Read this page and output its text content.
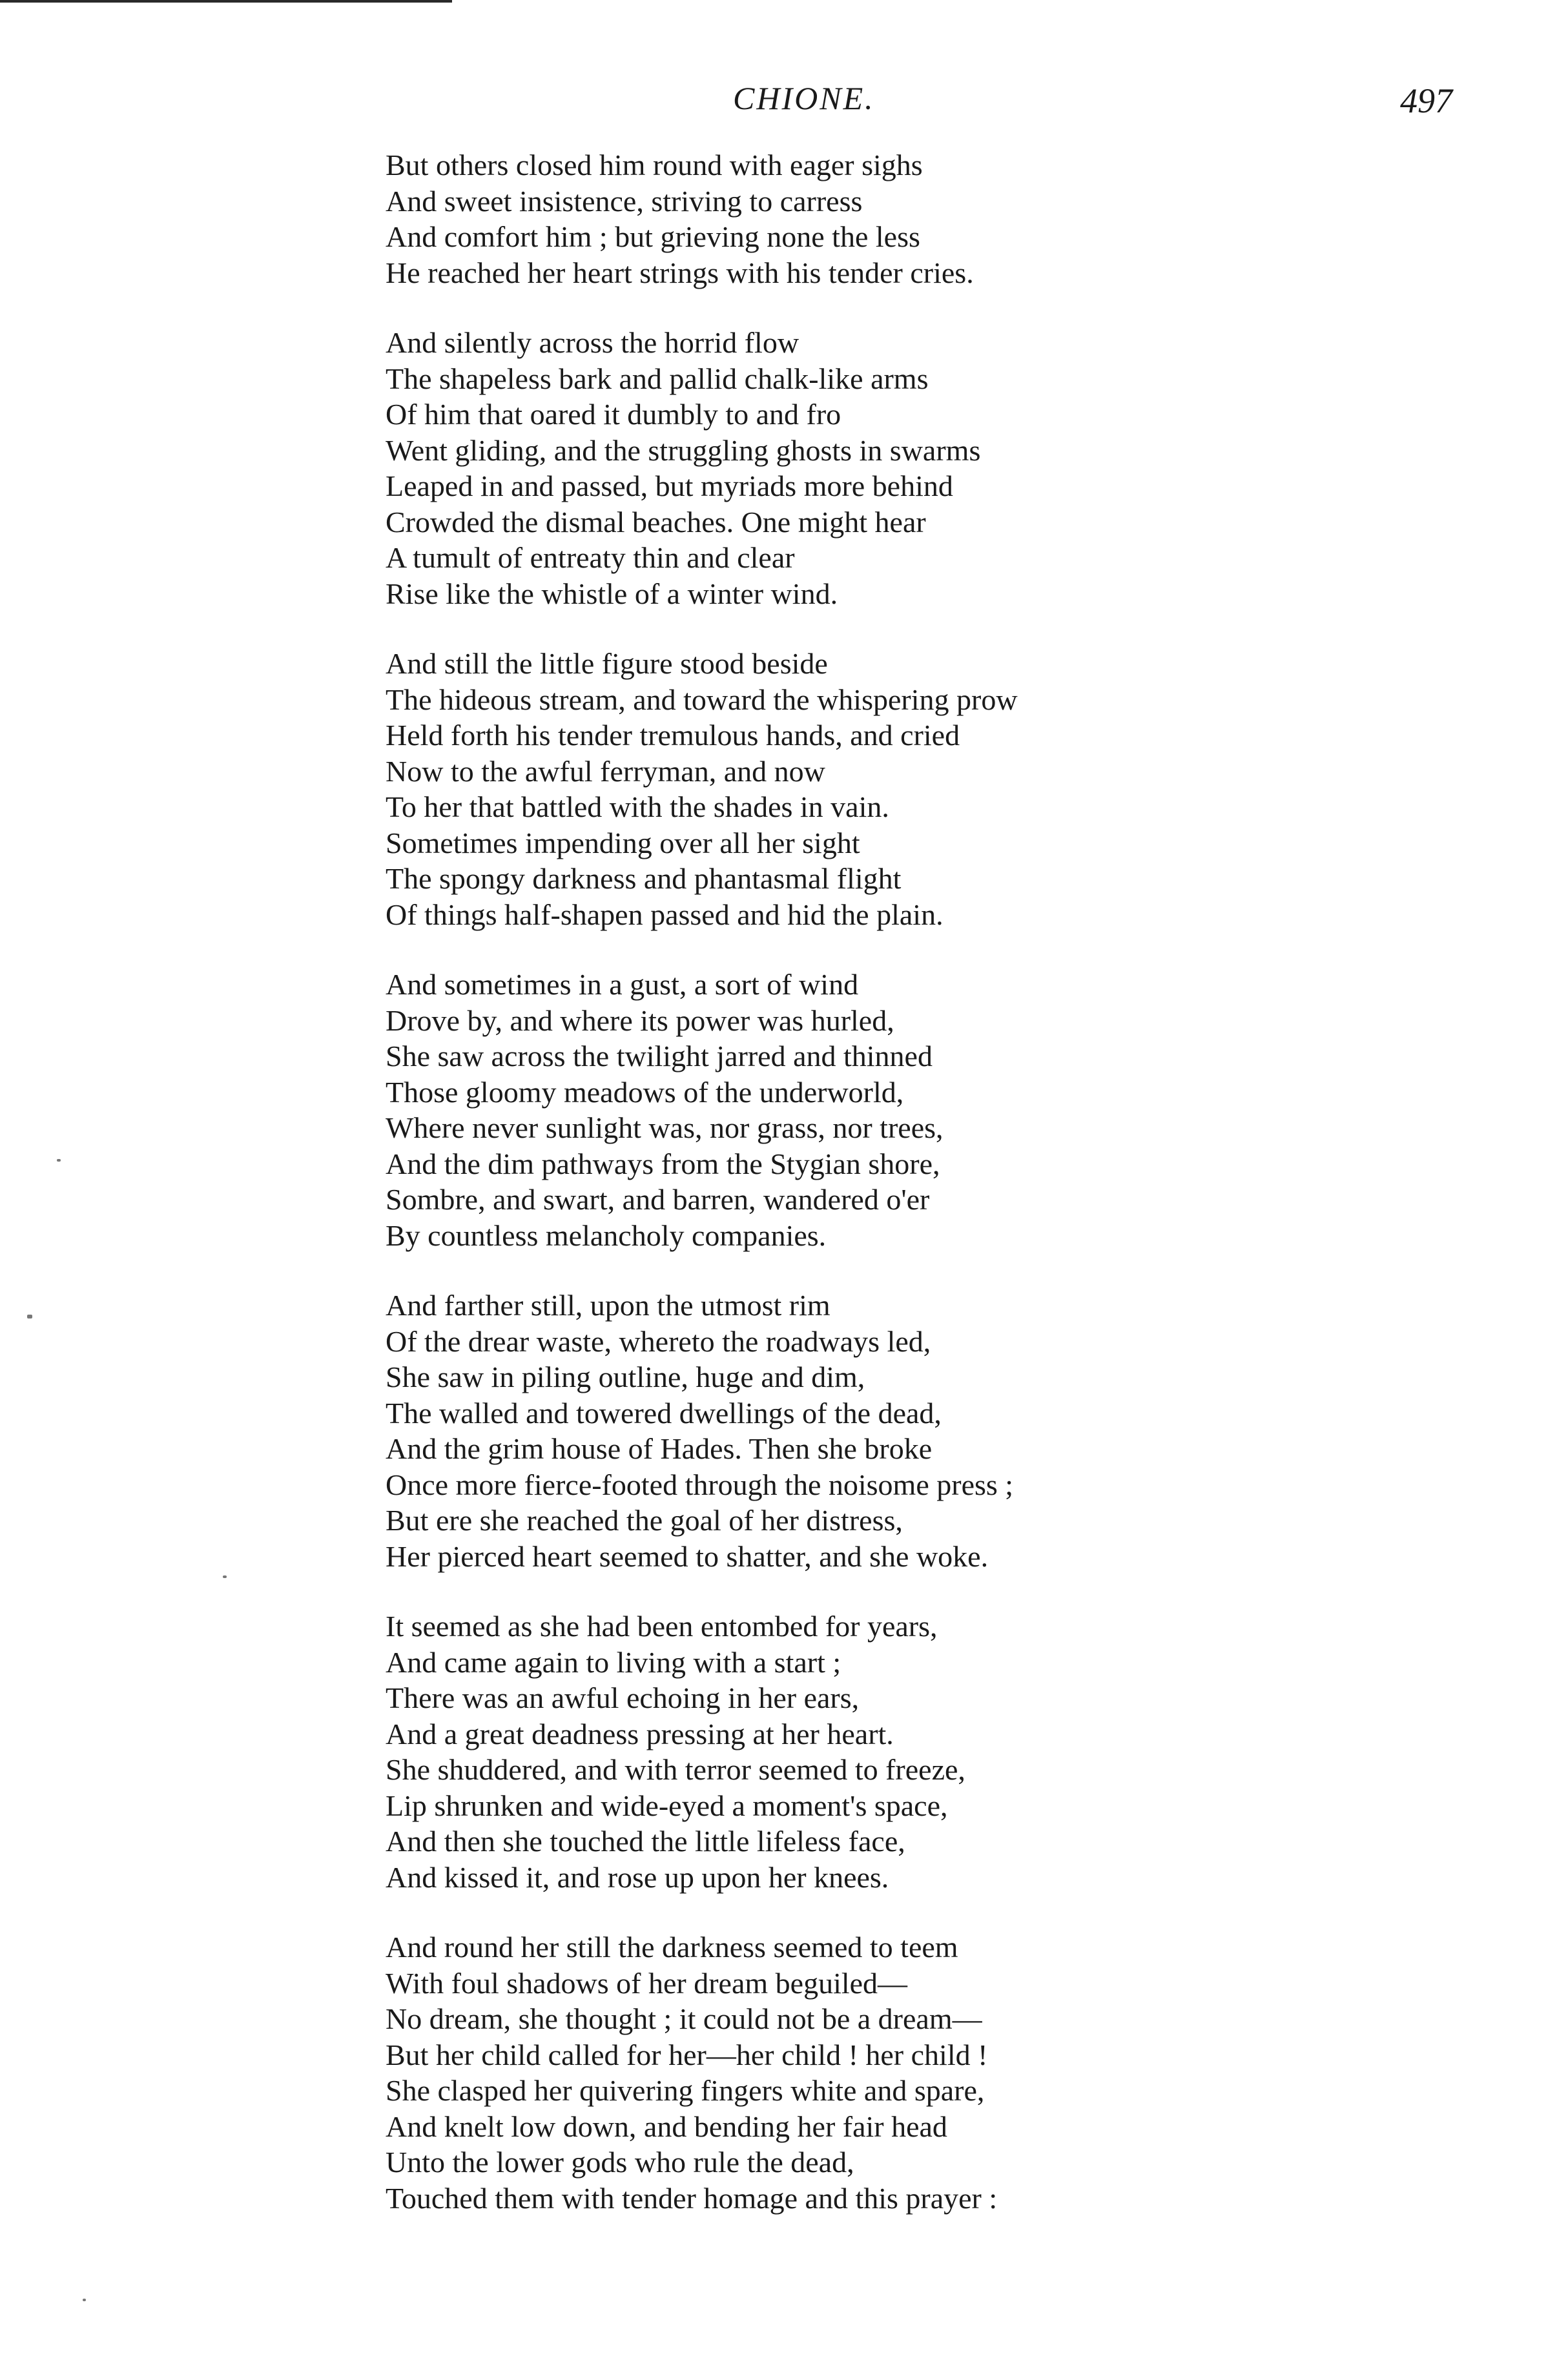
CHIONE.	497
But others closed him round with eager sighs
And sweet insistence, striving to carress
And comfort him ; but grieving none the less
He reached her heart strings with his tender cries.
And silently across the horrid flow
The shapeless bark and pallid chalk-like arms
Of him that oared it dumbly to and fro
Went gliding, and the struggling ghosts in swarms
Leaped in and passed, but myriads more behind
Crowded the dismal beaches. One might hear
A tumult of entreaty thin and clear
Rise like the whistle of a winter wind.
And still the little figure stood beside
The hideous stream, and toward the whispering prow
Held forth his tender tremulous hands, and cried
Now to the awful ferryman, and now
To her that battled with the shades in vain.
Sometimes impending over all her sight
The spongy darkness and phantasmal flight
Of things half-shapen passed and hid the plain.
And sometimes in a gust, a sort of wind
Drove by, and where its power was hurled,
She saw across the twilight jarred and thinned
Those gloomy meadows of the underworld,
Where never sunlight was, nor grass, nor trees,
And the dim pathways from the Stygian shore,
Sombre, and swart, and barren, wandered o'er
By countless melancholy companies.
And farther still, upon the utmost rim
Of the drear waste, whereto the roadways led,
She saw in piling outline, huge and dim,
The walled and towered dwellings of the dead,
And the grim house of Hades. Then she broke
Once more fierce-footed through the noisome press ;
But ere she reached the goal of her distress,
Her pierced heart seemed to shatter, and she woke.
It seemed as she had been entombed for years,
And came again to living with a start ;
There was an awful echoing in her ears,
And a great deadness pressing at her heart.
She shuddered, and with terror seemed to freeze,
Lip shrunken and wide-eyed a moment's space,
And then she touched the little lifeless face,
And kissed it, and rose up upon her knees.
And round her still the darkness seemed to teem
With foul shadows of her dream beguiled—
No dream, she thought ; it could not be a dream—
But her child called for her—her child ! her child !
She clasped her quivering fingers white and spare,
And knelt low down, and bending her fair head
Unto the lower gods who rule the dead,
Touched them with tender homage and this prayer :
